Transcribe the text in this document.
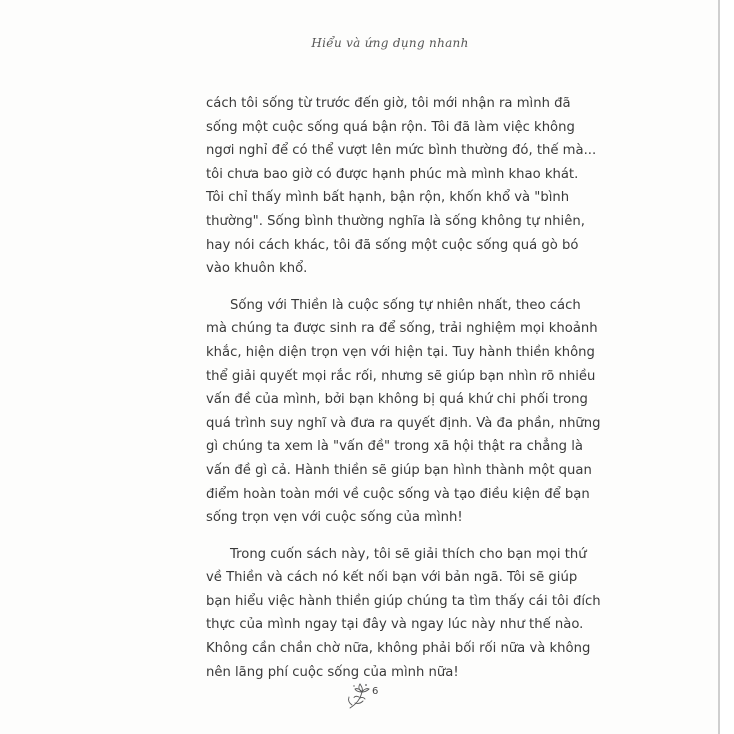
Hiểu và ứng dụng nhanh
cách tôi sống từ trước đến giờ, tôi mới nhận ra mình đã
sống một cuộc sống quá bận rộn. Tôi đã làm việc không
ngơi nghỉ để có thể vượt lên mức bình thường đó, thế mà...
tôi chưa bao giờ có được hạnh phúc mà mình khao khát.
Tôi chỉ thấy mình bất hạnh, bận rộn, khốn khổ và "bình
thường". Sống bình thường nghĩa là sống không tự nhiên,
hay nói cách khác, tôi đã sống một cuộc sống quá gò bó
vào khuôn khổ.
Sống với Thiền là cuộc sống tự nhiên nhất, theo cách
mà chúng ta được sinh ra để sống, trải nghiệm mọi khoảnh
khắc, hiện diện trọn vẹn với hiện tại. Tuy hành thiền không
thể giải quyết mọi rắc rối, nhưng sẽ giúp bạn nhìn rõ nhiều
vấn đề của mình, bởi bạn không bị quá khứ chi phối trong
quá trình suy nghĩ và đưa ra quyết định. Và đa phần, những
gì chúng ta xem là "vấn đề" trong xã hội thật ra chẳng là
vấn đề gì cả. Hành thiền sẽ giúp bạn hình thành một quan
điểm hoàn toàn mới về cuộc sống và tạo điều kiện để bạn
sống trọn vẹn với cuộc sống của mình!
Trong cuốn sách này, tôi sẽ giải thích cho bạn mọi thứ
về Thiền và cách nó kết nối bạn với bản ngã. Tôi sẽ giúp
bạn hiểu việc hành thiền giúp chúng ta tìm thấy cái tôi đích
thực của mình ngay tại đây và ngay lúc này như thế nào.
Không cần chần chờ nữa, không phải bối rối nữa và không
nên lãng phí cuộc sống của mình nữa!
6
